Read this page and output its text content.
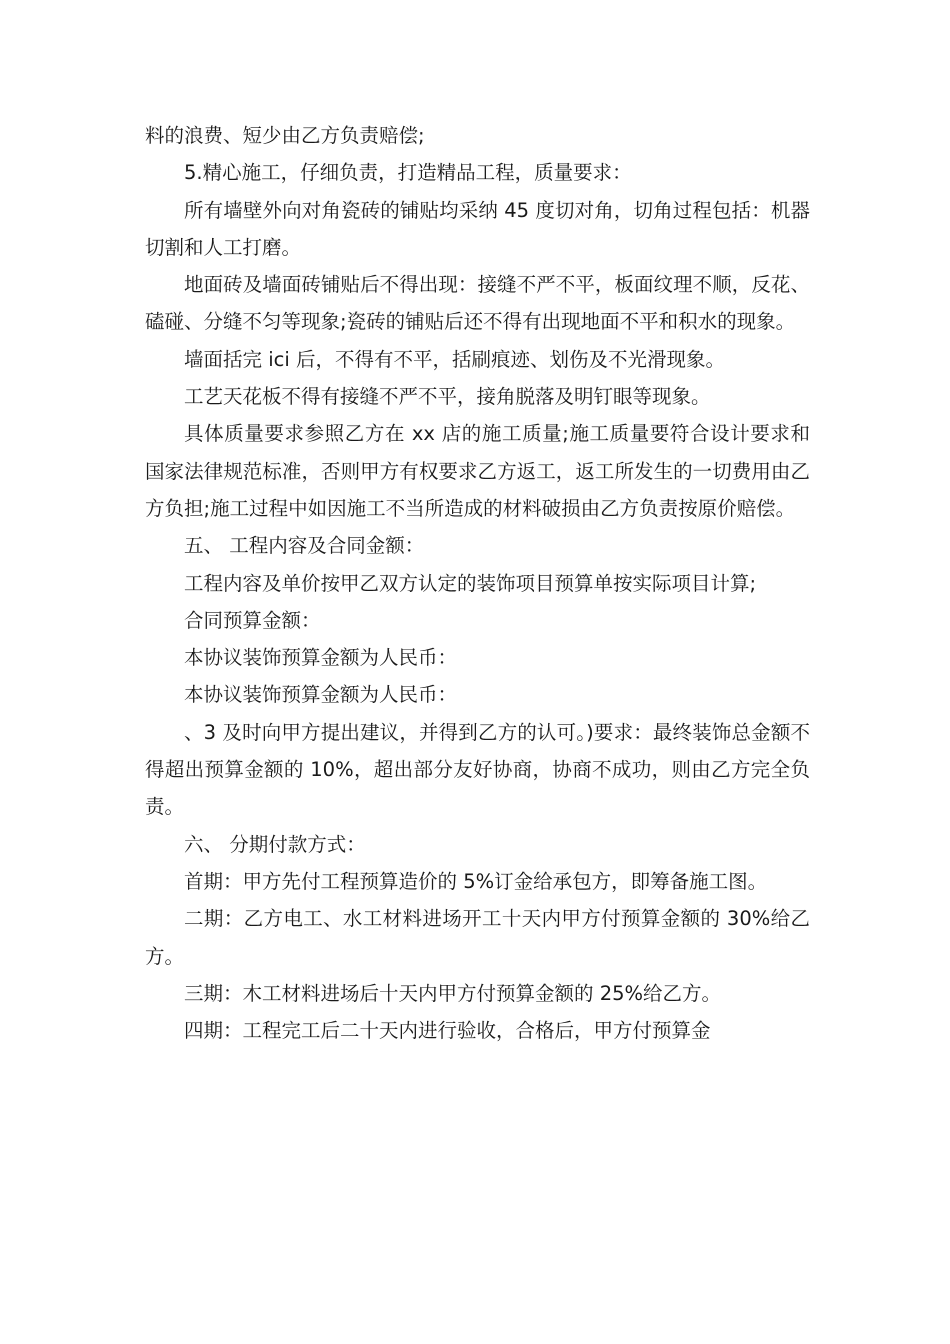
料的浪费、短少由乙方负责赔偿;

5.精心施工，仔细负责，打造精品工程，质量要求：

所有墙壁外向对角瓷砖的铺贴均采纳 45 度切对角，切角过程包括：机器切割和人工打磨。

地面砖及墙面砖铺贴后不得出现：接缝不严不平，板面纹理不顺，反花、磕碰、分缝不匀等现象;瓷砖的铺贴后还不得有出现地面不平和积水的现象。

墙面括完 ici 后，不得有不平，括刷痕迹、划伤及不光滑现象。

工艺天花板不得有接缝不严不平，接角脱落及明钉眼等现象。

具体质量要求参照乙方在 xx 店的施工质量;施工质量要符合设计要求和国家法律规范标准，否则甲方有权要求乙方返工，返工所发生的一切费用由乙方负担;施工过程中如因施工不当所造成的材料破损由乙方负责按原价赔偿。

五、 工程内容及合同金额：

工程内容及单价按甲乙双方认定的装饰项目预算单按实际项目计算;

合同预算金额：

本协议装饰预算金额为人民币：

本协议装饰预算金额为人民币：

、3 及时向甲方提出建议，并得到乙方的认可。)要求：最终装饰总金额不得超出预算金额的 10%，超出部分友好协商，协商不成功，则由乙方完全负责。

六、 分期付款方式：

首期：甲方先付工程预算造价的 5%订金给承包方，即筹备施工图。

二期：乙方电工、水工材料进场开工十天内甲方付预算金额的 30%给乙方。

三期：木工材料进场后十天内甲方付预算金额的 25%给乙方。

四期：工程完工后二十天内进行验收，合格后，甲方付预算金
